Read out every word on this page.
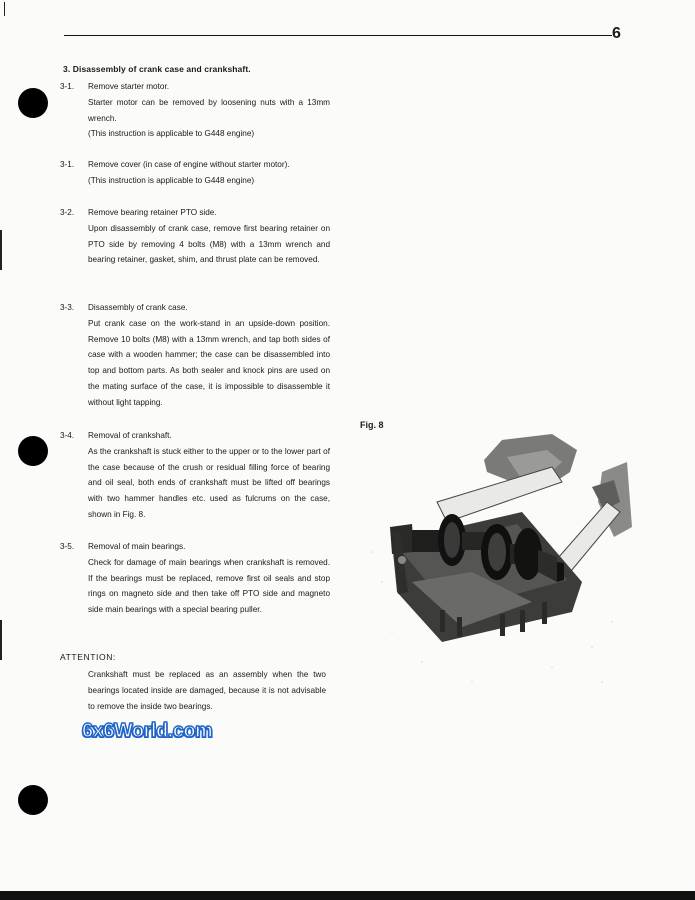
6
3. Disassembly of crank case and crankshaft.
3-1.	Remove starter motor.
Starter motor can be removed by loosening nuts with a 13mm wrench.
(This instruction is applicable to G448 engine)
3-1.	Remove cover (in case of engine without starter motor).
(This instruction is applicable to G448 engine)
3-2.	Remove bearing retainer PTO side.
Upon disassembly of crank case, remove first bearing retainer on PTO side by removing 4 bolts (M8) with a 13mm wrench and bearing retainer, gasket, shim, and thrust plate can be removed.
3-3.	Disassembly of crank case.
Put crank case on the work-stand in an upside-down position. Remove 10 bolts (M8) with a 13mm wrench, and tap both sides of case with a wooden hammer; the case can be disassembled into top and bottom parts. As both sealer and knock pins are used on the mating surface of the case, it is impossible to disassemble it without light tapping.
3-4.	Removal of crankshaft.
As the crankshaft is stuck either to the upper or to the lower part of the case because of the crush or residual filling force of bearing and oil seal, both ends of crankshaft must be lifted off bearings with two hammer handles etc. used as fulcrums on the case, shown in Fig. 8.
3-5.	Removal of main bearings.
Check for damage of main bearings when crankshaft is removed. If the bearings must be replaced, remove first oil seals and stop rings on magneto side and then take off PTO side and magneto side main bearings with a special bearing puller.
ATTENTION:
Crankshaft must be replaced as an assembly when the two bearings located inside are damaged, because it is not advisable to remove the inside two bearings.
6x6World.com
Fig. 8
